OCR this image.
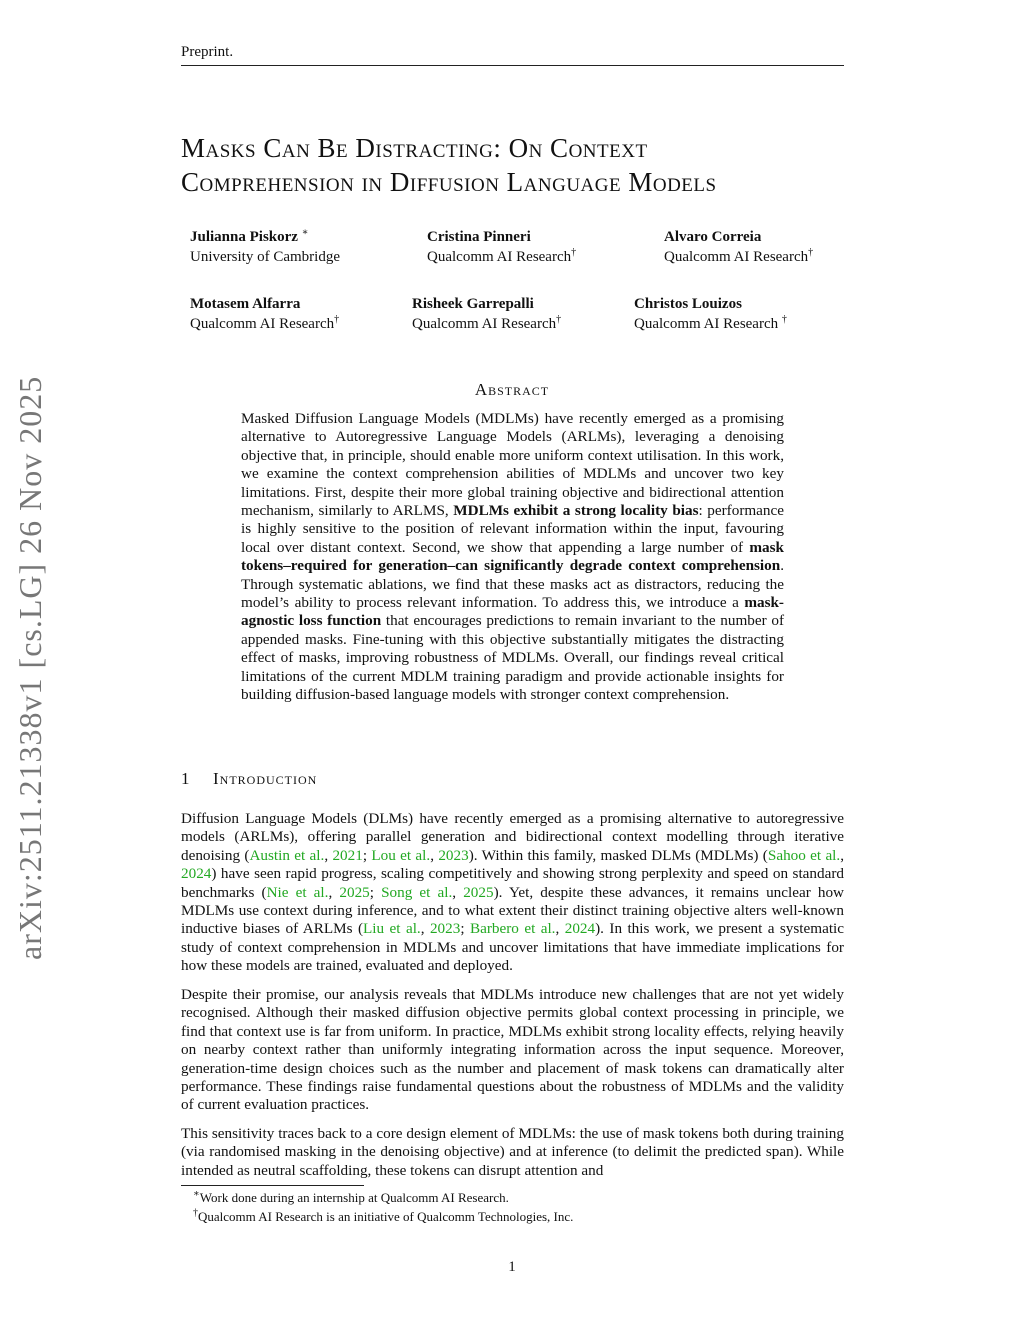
Preprint.
Masks Can Be Distracting: On Context
Comprehension in Diffusion Language Models
Julianna Piskorz ∗
University of Cambridge
Cristina Pinneri
Qualcomm AI Research†
Alvaro Correia
Qualcomm AI Research†
Motasem Alfarra
Qualcomm AI Research†
Risheek Garrepalli
Qualcomm AI Research†
Christos Louizos
Qualcomm AI Research †
arXiv:2511.21338v1 [cs.LG] 26 Nov 2025	Abstract
Masked Diffusion Language Models (MDLMs) have recently emerged as a promising alternative to Autoregressive Language Models (ARLMs), leveraging a denoising objective that, in principle, should enable more uniform context utilisation. In this work, we examine the context comprehension abilities of MDLMs and uncover two key limitations. First, despite their more global training objective and bidirectional attention mechanism, similarly to ARLMS, MDLMs exhibit a strong locality bias: performance is highly sensitive to the position of relevant information within the input, favouring local over distant context. Second, we show that appending a large number of mask tokens–required for generation–can significantly degrade context comprehension. Through systematic ablations, we find that these masks act as distractors, reducing the model’s ability to process relevant information. To address this, we introduce a mask-agnostic loss function that encourages predictions to remain invariant to the number of appended masks. Fine-tuning with this objective substantially mitigates the distracting effect of masks, improving robustness of MDLMs. Overall, our findings reveal critical limitations of the current MDLM training paradigm and provide actionable insights for building diffusion-based language models with stronger context comprehension.
1 Introduction
Diffusion Language Models (DLMs) have recently emerged as a promising alternative to autoregressive models (ARLMs), offering parallel generation and bidirectional context modelling through iterative denoising (Austin et al., 2021; Lou et al., 2023). Within this family, masked DLMs (MDLMs) (Sahoo et al., 2024) have seen rapid progress, scaling competitively and showing strong perplexity and speed on standard benchmarks (Nie et al., 2025; Song et al., 2025). Yet, despite these advances, it remains unclear how MDLMs use context during inference, and to what extent their distinct training objective alters well-known inductive biases of ARLMs (Liu et al., 2023; Barbero et al., 2024). In this work, we present a systematic study of context comprehension in MDLMs and uncover limitations that have immediate implications for how these models are trained, evaluated and deployed.
Despite their promise, our analysis reveals that MDLMs introduce new challenges that are not yet widely recognised. Although their masked diffusion objective permits global context processing in principle, we find that context use is far from uniform. In practice, MDLMs exhibit strong locality effects, relying heavily on nearby context rather than uniformly integrating information across the input sequence. Moreover, generation-time design choices such as the number and placement of mask tokens can dramatically alter performance. These findings raise fundamental questions about the robustness of MDLMs and the validity of current evaluation practices.
This sensitivity traces back to a core design element of MDLMs: the use of mask tokens both during training (via randomised masking in the denoising objective) and at inference (to delimit the predicted span). While intended as neutral scaffolding, these tokens can disrupt attention and
∗Work done during an internship at Qualcomm AI Research.
†Qualcomm AI Research is an initiative of Qualcomm Technologies, Inc.
1
